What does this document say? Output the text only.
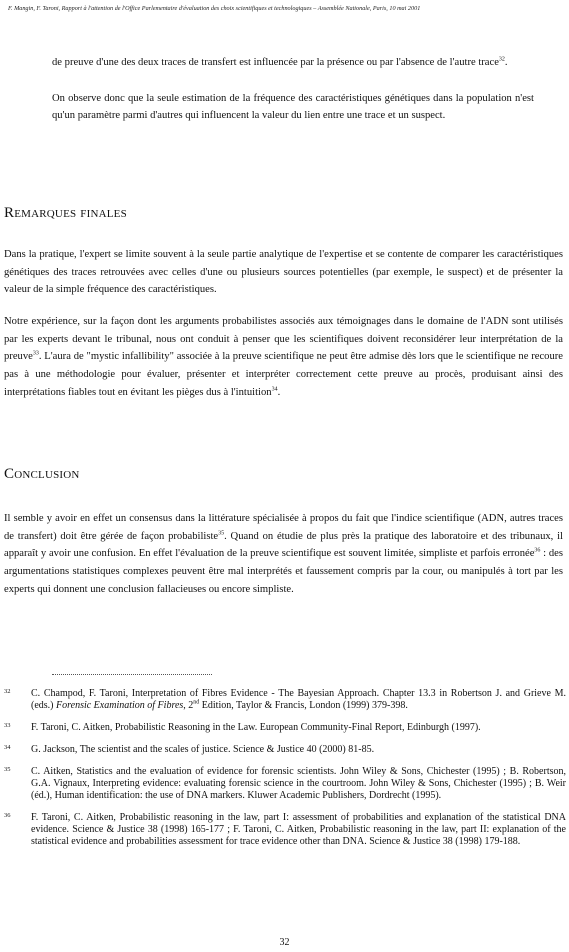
F. Mangin, F. Taroni, Rapport à l'attention de l'Office Parlementaire d'évaluation des choix scientifiques et technologiques – Assemblée Nationale, Paris, 10 mai 2001

de preuve d'une des deux traces de transfert est influencée par la présence ou par l'absence de l'autre trace$^{32}$.

On observe donc que la seule estimation de la fréquence des caractéristiques génétiques dans la population n'est qu'un paramètre parmi d'autres qui influencent la valeur du lien entre une trace et un suspect.

Remarques finales

Dans la pratique, l'expert se limite souvent à la seule partie analytique de l'expertise et se contente de comparer les caractéristiques génétiques des traces retrouvées avec celles d'une ou plusieurs sources potentielles (par exemple, le suspect) et de présenter la valeur de la simple fréquence des caractéristiques.

Notre expérience, sur la façon dont les arguments probabilistes associés aux témoignages dans le domaine de l'ADN sont utilisés par les experts devant le tribunal, nous ont conduit à penser que les scientifiques doivent reconsidérer leur interprétation de la preuve$^{33}$. L'aura de "mystic infallibility" associée à la preuve scientifique ne peut être admise dès lors que le scientifique ne recoure pas à une méthodologie pour évaluer, présenter et interpréter correctement cette preuve au procès, produisant ainsi des interprétations fiables tout en évitant les pièges dus à l'intuition$^{34}$.

Conclusion

Il semble y avoir en effet un consensus dans la littérature spécialisée à propos du fait que l'indice scientifique (ADN, autres traces de transfert) doit être gérée de façon probabiliste$^{35}$. Quand on étudie de plus près la pratique des laboratoire et des tribunaux, il apparaît y avoir une confusion. En effet l'évaluation de la preuve scientifique est souvent limitée, simpliste et parfois erronée$^{36}$ : des argumentations statistiques complexes peuvent être mal interprétés et faussement compris par la cour, ou manipulés à tort par les experts qui donnent une conclusion fallacieuses ou encore simpliste.

32 C. Champod, F. Taroni, Interpretation of Fibres Evidence - The Bayesian Approach. Chapter 13.3 in Robertson J. and Grieve M. (eds.) Forensic Examination of Fibres, 2nd Edition, Taylor & Francis, London (1999) 379-398.
33 F. Taroni, C. Aitken, Probabilistic Reasoning in the Law. European Community-Final Report, Edinburgh (1997).
34 G. Jackson, The scientist and the scales of justice. Science & Justice 40 (2000) 81-85.
35 C. Aitken, Statistics and the evaluation of evidence for forensic scientists. John Wiley & Sons, Chichester (1995) ; B. Robertson, G.A. Vignaux, Interpreting evidence: evaluating forensic science in the courtroom. John Wiley & Sons, Chichester (1995) ; B. Weir (éd.), Human identification: the use of DNA markers. Kluwer Academic Publishers, Dordrecht (1995).
36 F. Taroni, C. Aitken, Probabilistic reasoning in the law, part I: assessment of probabilities and explanation of the statistical DNA evidence. Science & Justice 38 (1998) 165-177 ; F. Taroni, C. Aitken, Probabilistic reasoning in the law, part II: explanation of the statistical evidence and probabilities assessment for trace evidence other than DNA. Science & Justice 38 (1998) 179-188.
32
